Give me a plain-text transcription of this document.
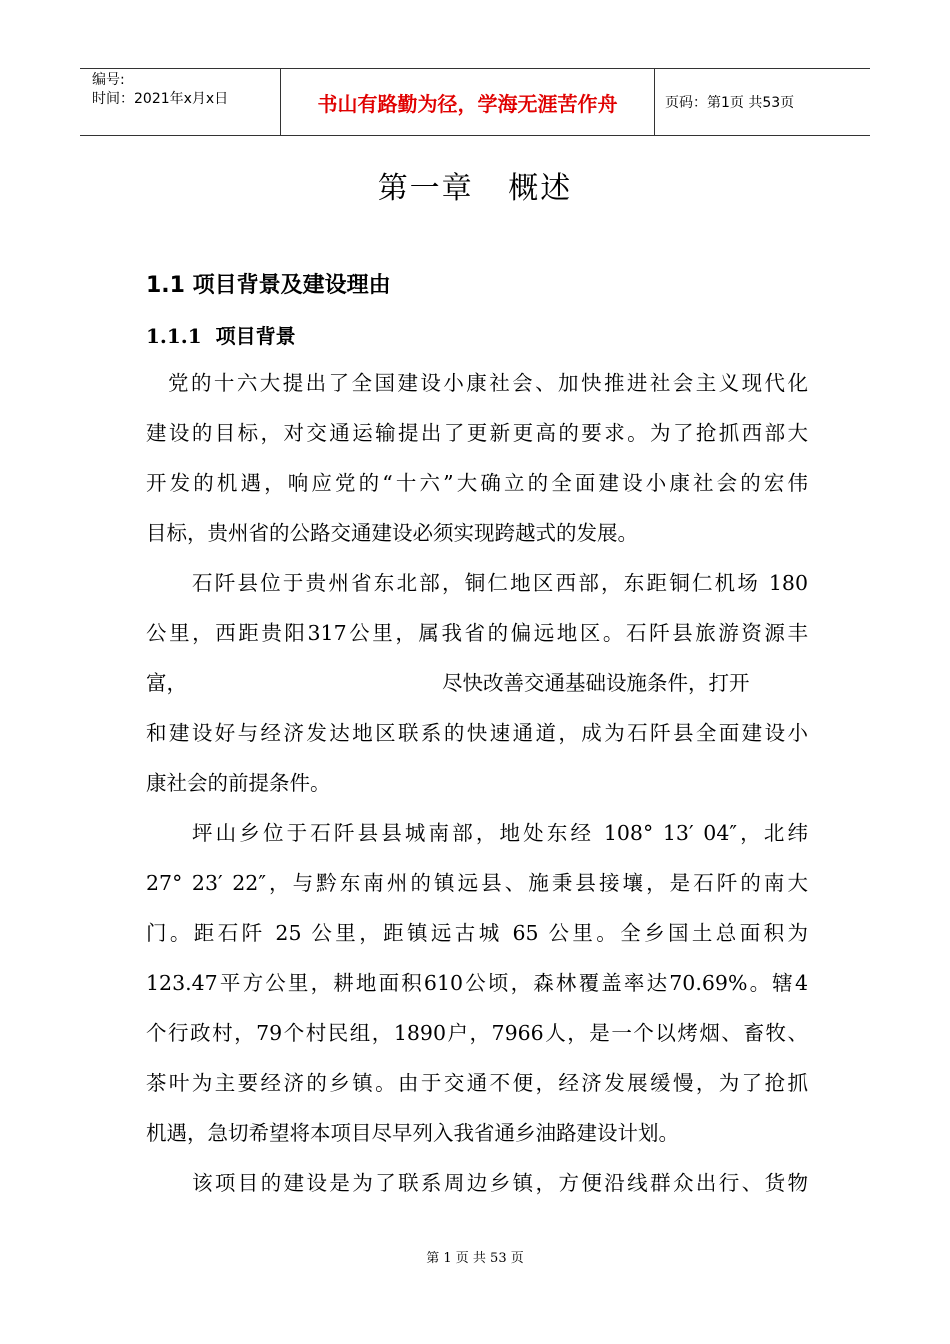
编号:
时间：2021年x月x日	书山有路勤为径，学海无涯苦作舟	页码：第1页 共53页
第一章   概述
1.1 项目背景及建设理由
1.1.1  项目背景
党的十六大提出了全国建设小康社会、加快推进社会主义现代化
建设的目标，对交通运输提出了更新更高的要求。为了抢抓西部大
开发的机遇，响应党的“十六”大确立的全面建设小康社会的宏伟
目标，贵州省的公路交通建设必须实现跨越式的发展。
石阡县位于贵州省东北部，铜仁地区西部，东距铜仁机场 180
公里，西距贵阳317公里，属我省的偏远地区。石阡县旅游资源丰
富，	尽快改善交通基础设施条件，打开
和建设好与经济发达地区联系的快速通道，成为石阡县全面建设小
康社会的前提条件。
坪山乡位于石阡县县城南部，地处东经 108° 13′ 04″，北纬
27° 23′ 22″，与黔东南州的镇远县、施秉县接壤，是石阡的南大
门。距石阡 25 公里，距镇远古城 65 公里。全乡国土总面积为
123.47平方公里，耕地面积610公顷，森林覆盖率达70.69%。辖4
个行政村，79个村民组，1890户，7966人，是一个以烤烟、畜牧、
茶叶为主要经济的乡镇。由于交通不便，经济发展缓慢，为了抢抓
机遇，急切希望将本项目尽早列入我省通乡油路建设计划。
该项目的建设是为了联系周边乡镇，方便沿线群众出行、货物
第 1 页 共 53 页
